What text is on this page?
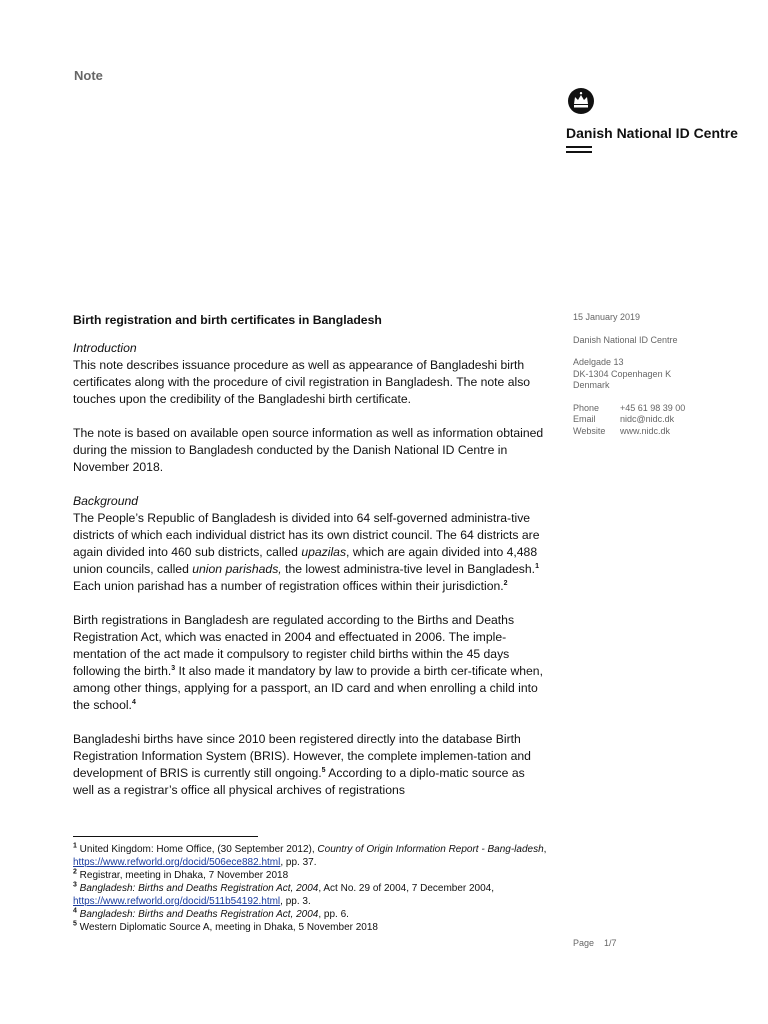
Note
Danish National ID Centre
Birth registration and birth certificates in Bangladesh
Introduction

This note describes issuance procedure as well as appearance of Bangladeshi birth certificates along with the procedure of civil registration in Bangladesh. The note also touches upon the credibility of the Bangladeshi birth certificate.

The note is based on available open source information as well as information obtained during the mission to Bangladesh conducted by the Danish National ID Centre in November 2018.

Background

The People’s Republic of Bangladesh is divided into 64 self-governed administra-tive districts of which each individual district has its own district council. The 64 districts are again divided into 460 sub districts, called upazilas, which are again divided into 4,488 union councils, called union parishads, the lowest administra-tive level in Bangladesh.$^1$ Each union parishad has a number of registration offices within their jurisdiction.$^2$

Birth registrations in Bangladesh are regulated according to the Births and Deaths Registration Act, which was enacted in 2004 and effectuated in 2006. The imple-mentation of the act made it compulsory to register child births within the 45 days following the birth.$^3$ It also made it mandatory by law to provide a birth cer-tificate when, among other things, applying for a passport, an ID card and when enrolling a child into the school.$^4$

Bangladeshi births have since 2010 been registered directly into the database Birth Registration Information System (BRIS). However, the complete implemen-tation and development of BRIS is currently still ongoing.$^5$ According to a diplo-matic source as well as a registrar’s office all physical archives of registrations

$^1$ United Kingdom: Home Office, (30 September 2012), Country of Origin Information Report - Bang-ladesh, https://www.refworld.org/docid/506ece882.html, pp. 37.
$^2$ Registrar, meeting in Dhaka, 7 November 2018
$^3$ Bangladesh: Births and Deaths Registration Act, 2004, Act No. 29 of 2004, 7 December 2004,
https://www.refworld.org/docid/511b54192.html, pp. 3.
$^4$ Bangladesh: Births and Deaths Registration Act, 2004, pp. 6.
$^5$ Western Diplomatic Source A, meeting in Dhaka, 5 November 2018
15 January 2019
Danish National ID Centre
Adelgade 13
DK-1304 Copenhagen K
Denmark
Phone	+45 61 98 39 00
Email	nidc@nidc.dk
Website	www.nidc.dk
Page 1/7
